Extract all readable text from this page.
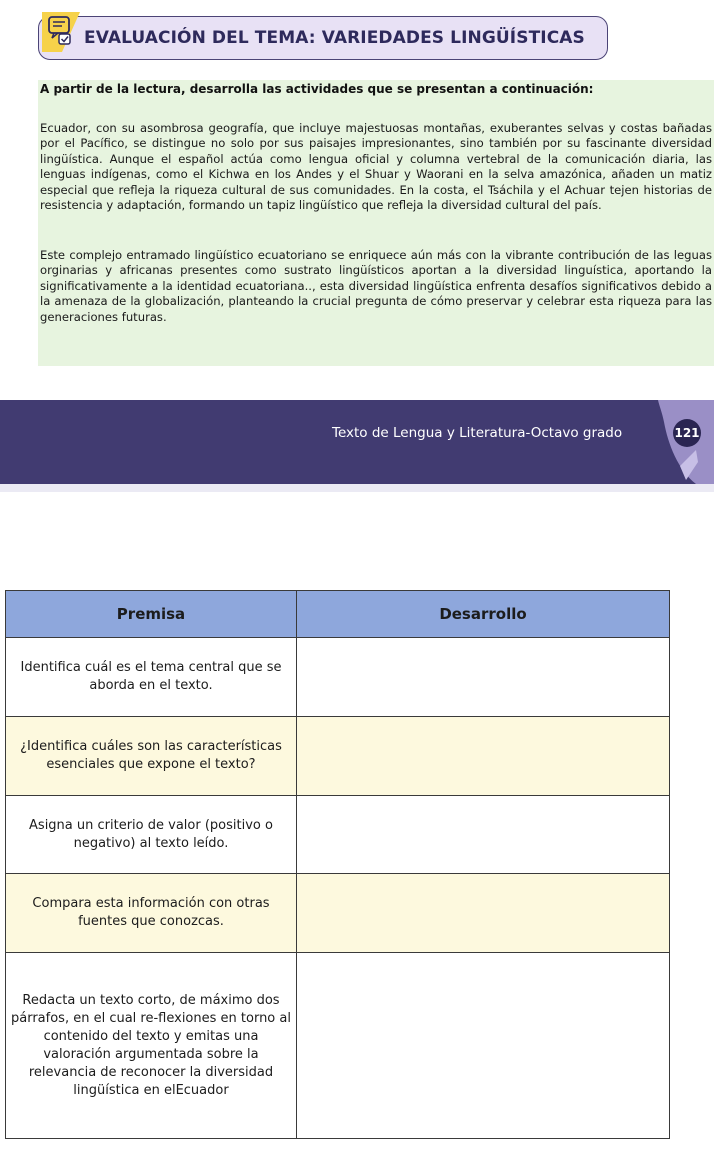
EVALUACIÓN DEL TEMA: VARIEDADES LINGÜÍSTICAS
A partir de la lectura, desarrolla las actividades que se presentan a continuación:
Ecuador, con su asombrosa geografía, que incluye majestuosas montañas, exuberantes selvas y costas bañadas por el Pacífico, se distingue no solo por sus paisajes impresionantes, sino también por su fascinante diversidad lingüística. Aunque el español actúa como lengua oficial y columna vertebral de la comunicación diaria, las lenguas indígenas, como el Kichwa en los Andes y el Shuar y Waorani en la selva amazónica, añaden un matiz especial que refleja la riqueza cultural de sus comunidades. En la costa, el Tsáchila y el Achuar tejen historias de resistencia y adaptación, formando un tapiz lingüístico que refleja la diversidad cultural del país.
Este complejo entramado lingüístico ecuatoriano se enriquece aún más con la vibrante contribución de las leguas orginarias y africanas presentes como sustrato lingüísticos aportan a la diversidad linguística, aportando la significativamente a la identidad ecuatoriana.., esta diversidad lingüística enfrenta desafíos significativos debido a la amenaza de la globalización, planteando la crucial pregunta de cómo preservar y celebrar esta riqueza para las generaciones futuras.
Texto de Lengua y Literatura-Octavo grado	121
Premisa	Desarrollo
Identifica cuál es el tema central que se aborda en el texto.	
¿Identifica cuáles son las características esenciales que expone el texto?	
Asigna un criterio de valor (positivo o negativo) al texto leído.	
Compara esta información con otras fuentes que conozcas.	
Redacta un texto corto, de máximo dos párrafos, en el cual re-flexiones en torno al contenido del texto y emitas una valoración argumentada sobre la relevancia de reconocer la diversidad lingüística en elEcuador	
